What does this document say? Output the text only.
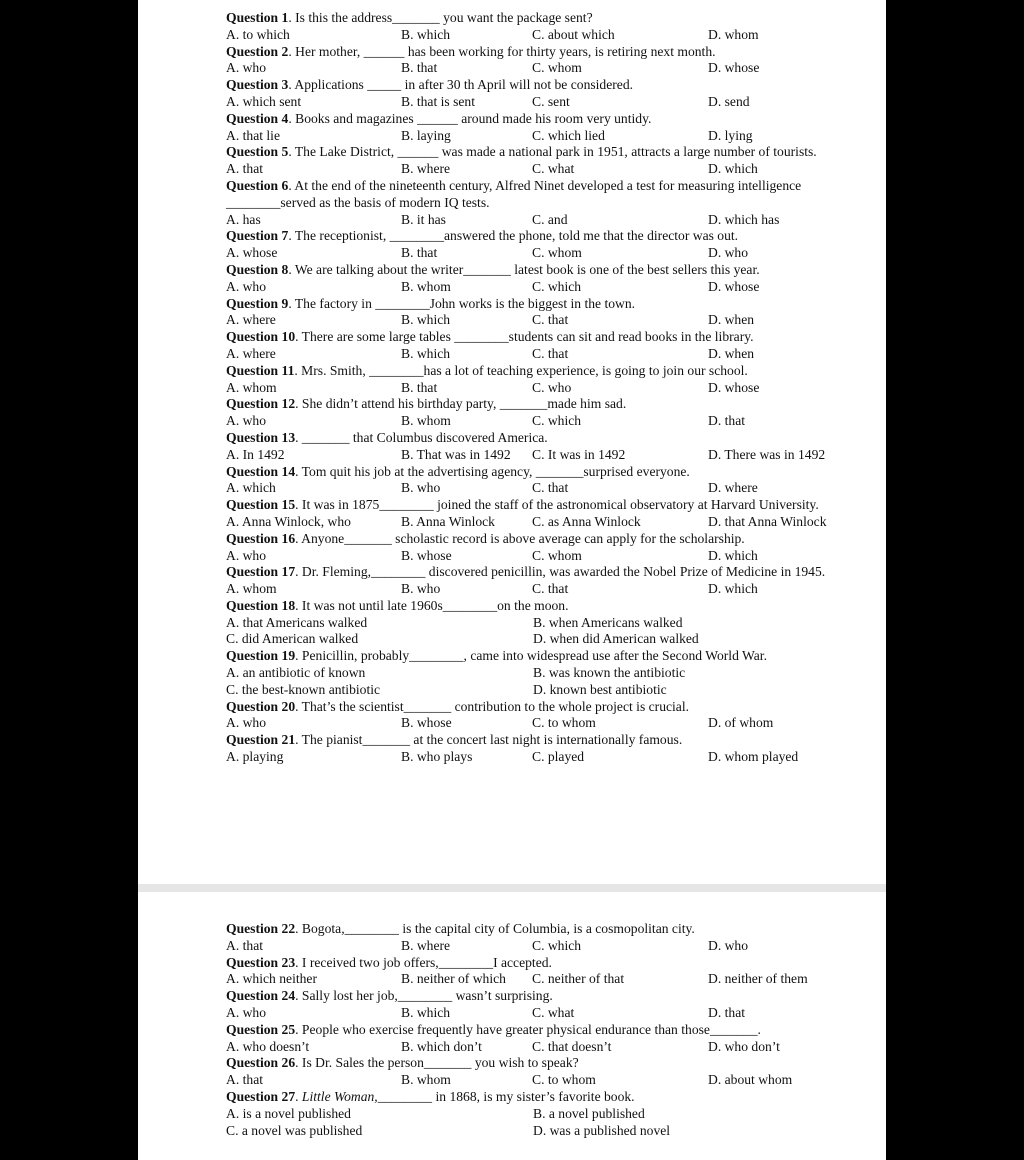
Question 1. Is this the address_______ you want the package sent?
A. to which	B. which	C. about which	D. whom
Question 2. Her mother, ______ has been working for thirty years, is retiring next month.
A. who	B. that	C. whom	D. whose
Question 3. Applications _____ in after 30 th April will not be considered.
A. which sent	B. that is sent	C. sent	D. send
Question 4. Books and magazines ______ around made his room very untidy.
A. that lie	B. laying	C. which lied	D. lying
Question 5. The Lake District, ______ was made a national park in 1951, attracts a large number of tourists.
A. that	B. where	C. what	D. which
Question 6. At the end of the nineteenth century, Alfred Ninet developed a test for measuring intelligence ________served as the basis of modern IQ tests.
A. has	B. it has	C. and	D. which has
Question 7. The receptionist, ________answered the phone, told me that the director was out.
A. whose	B. that	C. whom	D. who
Question 8. We are talking about the writer_______ latest book is one of the best sellers this year.
A. who	B. whom	C. which	D. whose
Question 9. The factory in ________John works is the biggest in the town.
A. where	B. which	C. that	D. when
Question 10. There are some large tables ________students can sit and read books in the library.
A. where	B. which	C. that	D. when
Question 11. Mrs. Smith, ________has a lot of teaching experience, is going to join our school.
A. whom	B. that	C. who	D. whose
Question 12. She didn’t attend his birthday party, _______made him sad.
A. who	B. whom	C. which	D. that
Question 13. _______ that Columbus discovered America.
A. In 1492	B. That was in 1492 C. It was in 1492	D. There was in 1492
Question 14. Tom quit his job at the advertising agency, _______surprised everyone.
A. which	B. who	C. that	D. where
Question 15. It was in 1875________ joined the staff of the astronomical observatory at Harvard University.
A. Anna Winlock, who	B. Anna Winlock	C. as Anna Winlock	D. that Anna Winlock
Question 16. Anyone_______ scholastic record is above average can apply for the scholarship.
A. who	B. whose	C. whom	D. which
Question 17. Dr. Fleming,________ discovered penicillin, was awarded the Nobel Prize of Medicine in 1945.
A. whom	B. who	C. that	D. which
Question 18. It was not until late 1960s________on the moon.
A. that Americans walked	B. when Americans walked
C. did American walked	D. when did American walked
Question 19. Penicillin, probably________, came into widespread use after the Second World War.
A. an antibiotic of known	B. was known the antibiotic
C. the best-known antibiotic	D. known best antibiotic
Question 20. That’s the scientist_______ contribution to the whole project is crucial.
A. who	B. whose	C. to whom	D. of whom
Question 21. The pianist_______ at the concert last night is internationally famous.
A. playing	B. who plays	C. played	D. whom played
Question 22. Bogota,________ is the capital city of Columbia, is a cosmopolitan city.
A. that	B. where	C. which	D. who
Question 23. I received two job offers,________I accepted.
A. which neither	B. neither of which C. neither of that	D. neither of them
Question 24. Sally lost her job,________ wasn’t surprising.
A. who	B. which	C. what	D. that
Question 25. People who exercise frequently have greater physical endurance than those_______.
A. who doesn’t	B. which don’t	C. that doesn’t	D. who don’t
Question 26. Is Dr. Sales the person_______ you wish to speak?
A. that	B. whom	C. to whom	D. about whom
Question 27. Little Woman,________ in 1868, is my sister’s favorite book.
A. is a novel published	B. a novel published
C. a novel was published	D. was a published novel
